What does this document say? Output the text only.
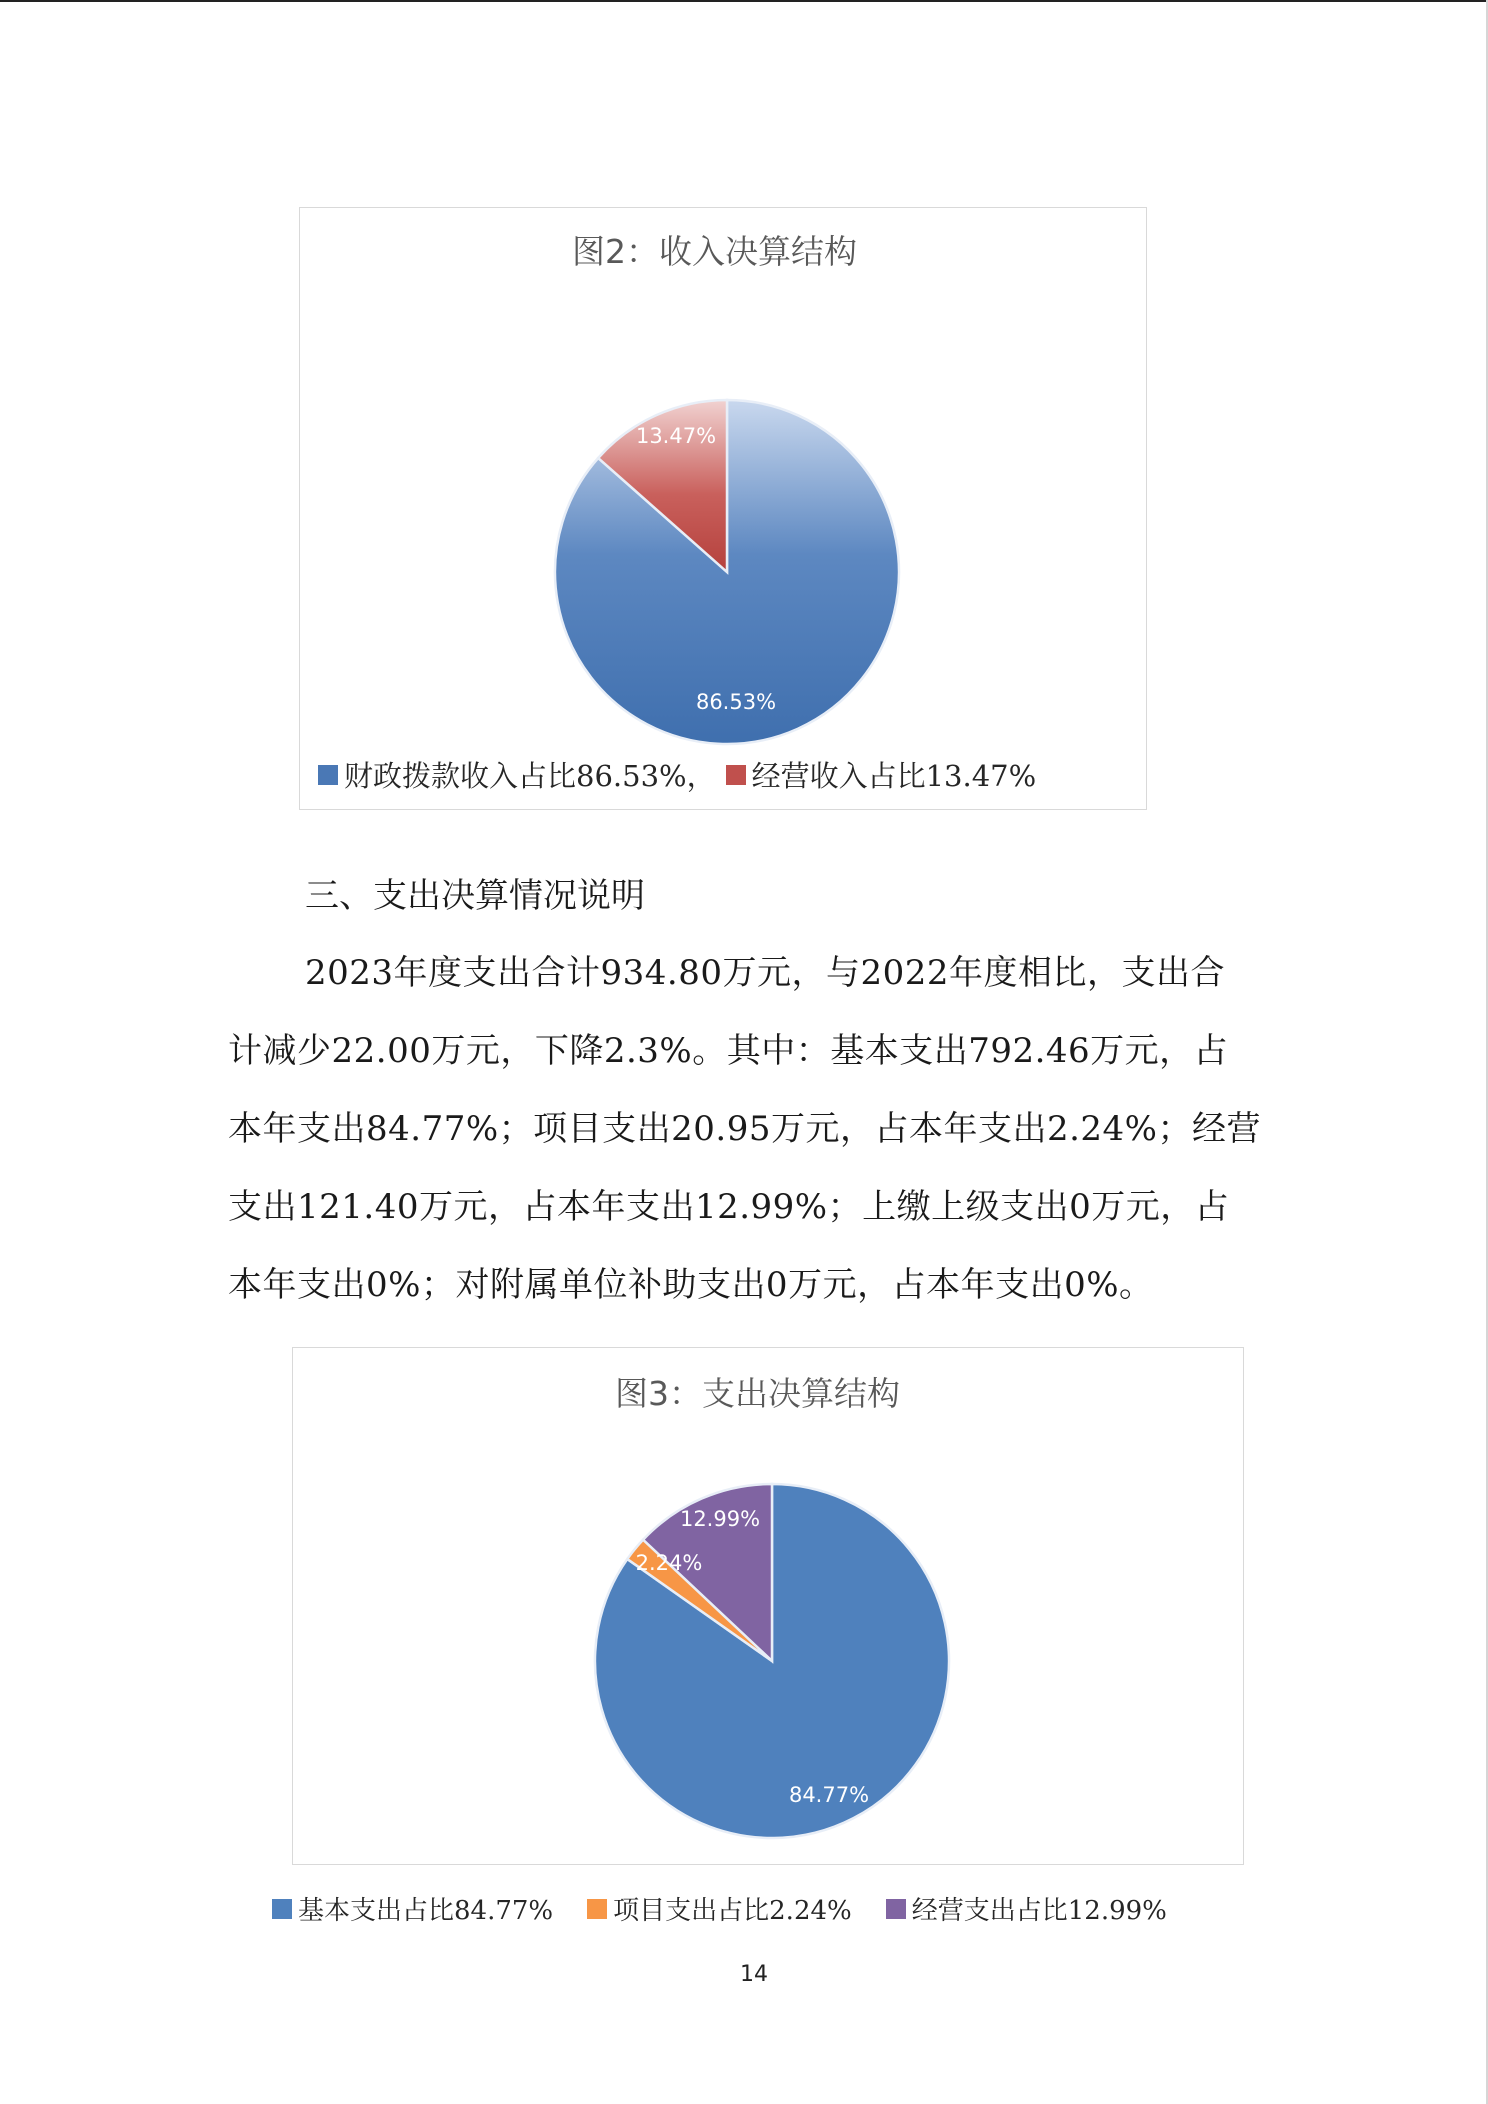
图2：收入决算结构
86.53%
13.47%
财政拨款收入占比86.53%， 经营收入占比13.47%
三、支出决算情况说明
2023年度支出合计934.80万元，与2022年度相比，支出合
计减少22.00万元，下降2.3%。其中：基本支出792.46万元，占
本年支出84.77%；项目支出20.95万元，占本年支出2.24%；经营
支出121.40万元，占本年支出12.99%；上缴上级支出0万元，占
本年支出0%；对附属单位补助支出0万元，占本年支出0%。
图3：支出决算结构
84.77%
2.24%
12.99%
基本支出占比84.77% 项目支出占比2.24% 经营支出占比12.99%
14
